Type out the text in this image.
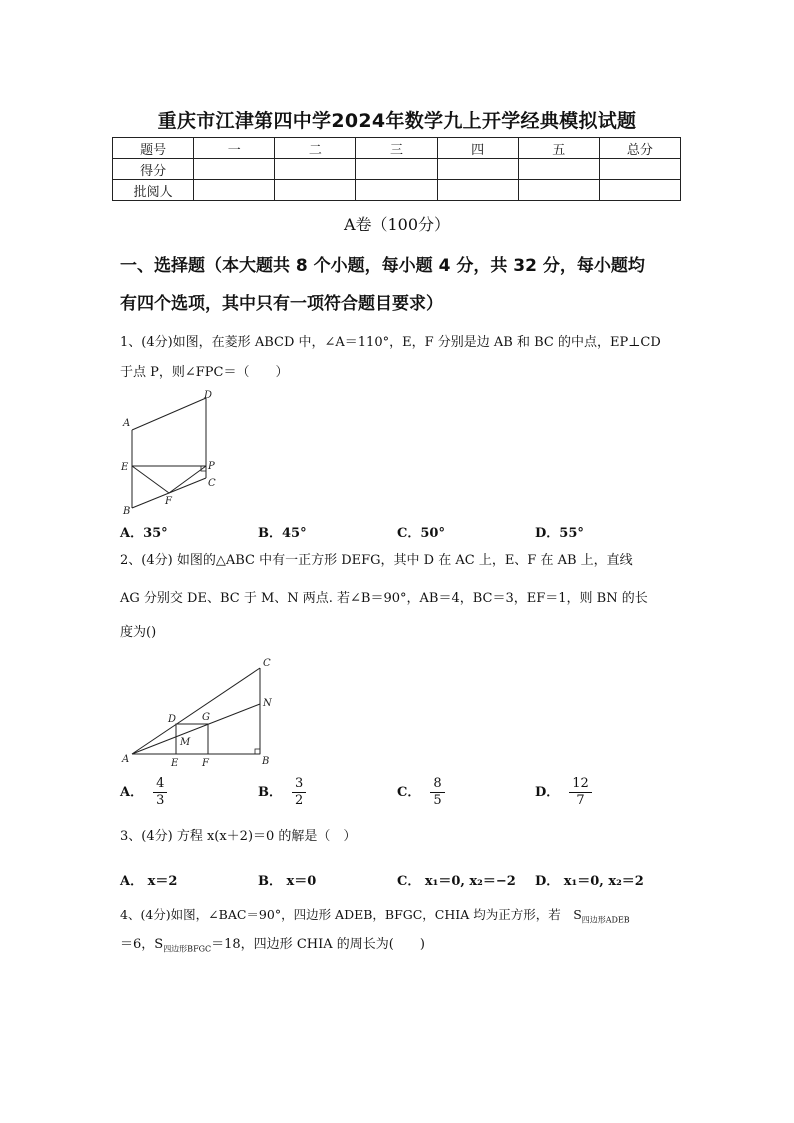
重庆市江津第四中学2024年数学九上开学经典模拟试题
题号	一	二	三	四	五	总分
得分						
批阅人						
A卷（100分）
一、选择题（本大题共 8 个小题，每小题 4 分，共 32 分，每小题均
有四个选项，其中只有一项符合题目要求）
1、(4分)如图，在菱形 ABCD 中，∠A＝110°，E，F 分别是边 AB 和 BC 的中点，EP⊥CD
于点 P，则∠FPC＝（　　）
A
D
E	P
C
B
F
A．35°	B．45°	C．50°	D．55°
2、(4分) 如图的△ABC 中有一正方形 DEFG，其中 D 在 AC 上，E、F 在 AB 上，直线
AG 分别交 DE、BC 于 M、N 两点. 若∠B＝90°，AB＝4，BC＝3，EF＝1，则 BN 的长
度为()
C
N
D	G
M
A	E F	B
A． $\frac{4}{3}$	B． $\frac{3}{2}$	C． $\frac{8}{5}$	D． $\frac{12}{7}$
3、(4分) 方程 x(x＋2)＝0 的解是（　）
A． x＝2	B． x＝0	C． x₁＝0, x₂＝−2 D． x₁＝0, x₂＝2
4、(4分)如图，∠BAC＝90°，四边形 ADEB，BFGC，CHIA 均为正方形，若　$S_{四边形ADEB}$
＝6，$S_{四边形BFGC}=18$，四边形 CHIA 的周长为(　　)
